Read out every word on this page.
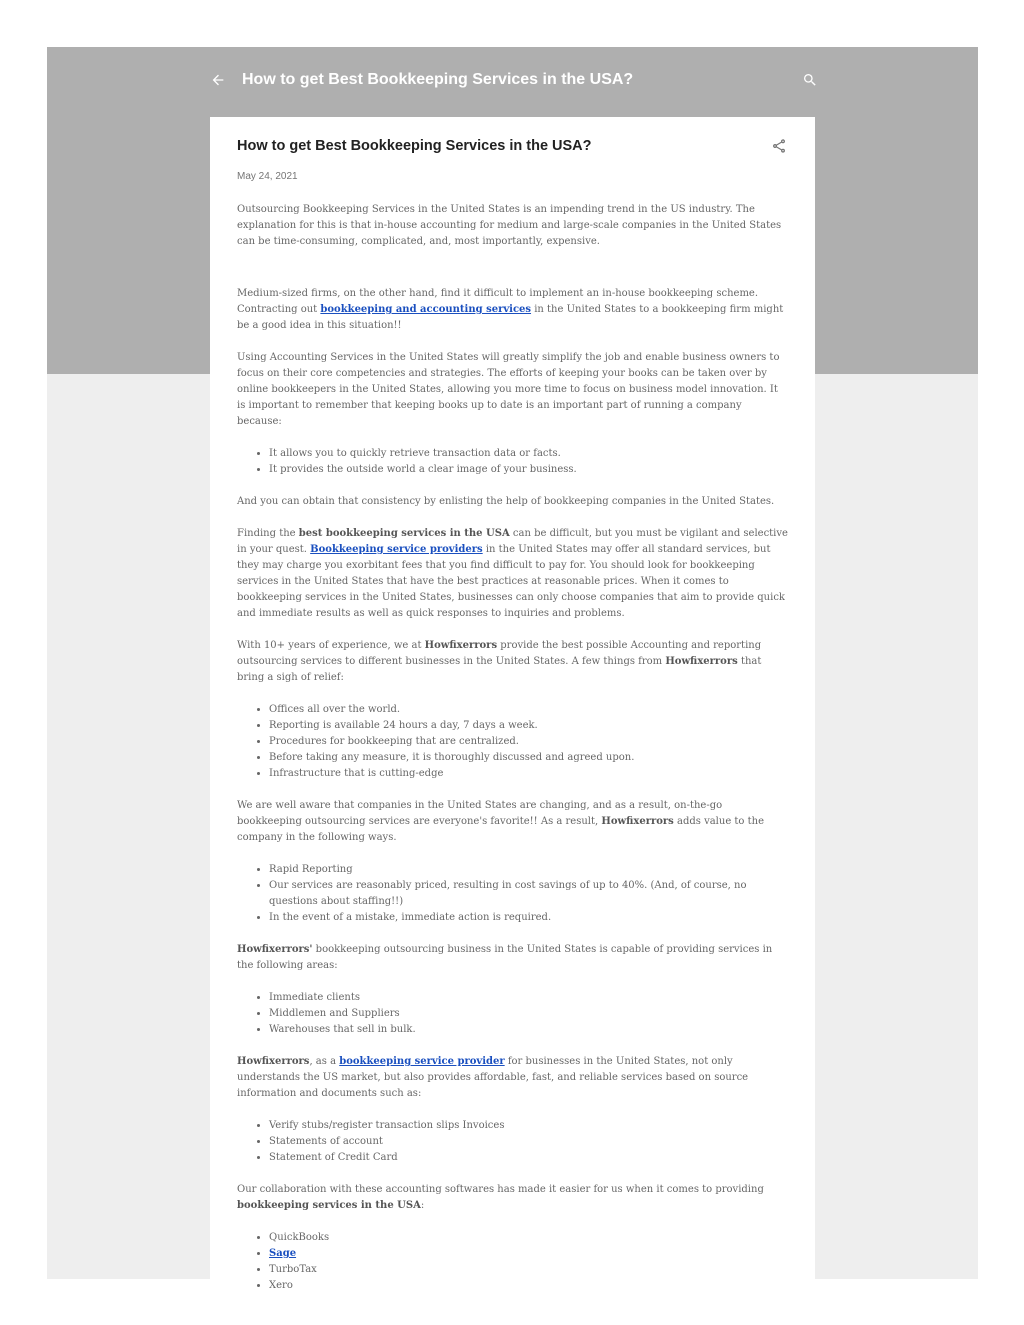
How to get Best Bookkeeping Services in the USA?
How to get Best Bookkeeping Services in the USA?
May 24, 2021

Outsourcing Bookkeeping Services in the United States is an impending trend in the US industry. The explanation for this is that in-house accounting for medium and large-scale companies in the United States can be time-consuming, complicated, and, most importantly, expensive.

Medium-sized firms, on the other hand, find it difficult to implement an in-house bookkeeping scheme. Contracting out bookkeeping and accounting services in the United States to a bookkeeping firm might be a good idea in this situation!!

Using Accounting Services in the United States will greatly simplify the job and enable business owners to focus on their core competencies and strategies. The efforts of keeping your books can be taken over by online bookkeepers in the United States, allowing you more time to focus on business model innovation. It is important to remember that keeping books up to date is an important part of running a company because:

• It allows you to quickly retrieve transaction data or facts.
• It provides the outside world a clear image of your business.

And you can obtain that consistency by enlisting the help of bookkeeping companies in the United States.

Finding the best bookkeeping services in the USA can be difficult, but you must be vigilant and selective in your quest. Bookkeeping service providers in the United States may offer all standard services, but they may charge you exorbitant fees that you find difficult to pay for. You should look for bookkeeping services in the United States that have the best practices at reasonable prices. When it comes to bookkeeping services in the United States, businesses can only choose companies that aim to provide quick and immediate results as well as quick responses to inquiries and problems.

With 10+ years of experience, we at Howfixerrors provide the best possible Accounting and reporting outsourcing services to different businesses in the United States. A few things from Howfixerrors that bring a sigh of relief:

• Offices all over the world.
• Reporting is available 24 hours a day, 7 days a week.
• Procedures for bookkeeping that are centralized.
• Before taking any measure, it is thoroughly discussed and agreed upon.
• Infrastructure that is cutting-edge

We are well aware that companies in the United States are changing, and as a result, on-the-go bookkeeping outsourcing services are everyone's favorite!! As a result, Howfixerrors adds value to the company in the following ways.

• Rapid Reporting
• Our services are reasonably priced, resulting in cost savings of up to 40%. (And, of course, no questions about staffing!!)
• In the event of a mistake, immediate action is required.

Howfixerrors' bookkeeping outsourcing business in the United States is capable of providing services in the following areas:

• Immediate clients
• Middlemen and Suppliers
• Warehouses that sell in bulk.

Howfixerrors, as a bookkeeping service provider for businesses in the United States, not only understands the US market, but also provides affordable, fast, and reliable services based on source information and documents such as:

• Verify stubs/register transaction slips Invoices
• Statements of account
• Statement of Credit Card

Our collaboration with these accounting softwares has made it easier for us when it comes to providing bookkeeping services in the USA:

• QuickBooks
• Sage
• TurboTax
• Xero
